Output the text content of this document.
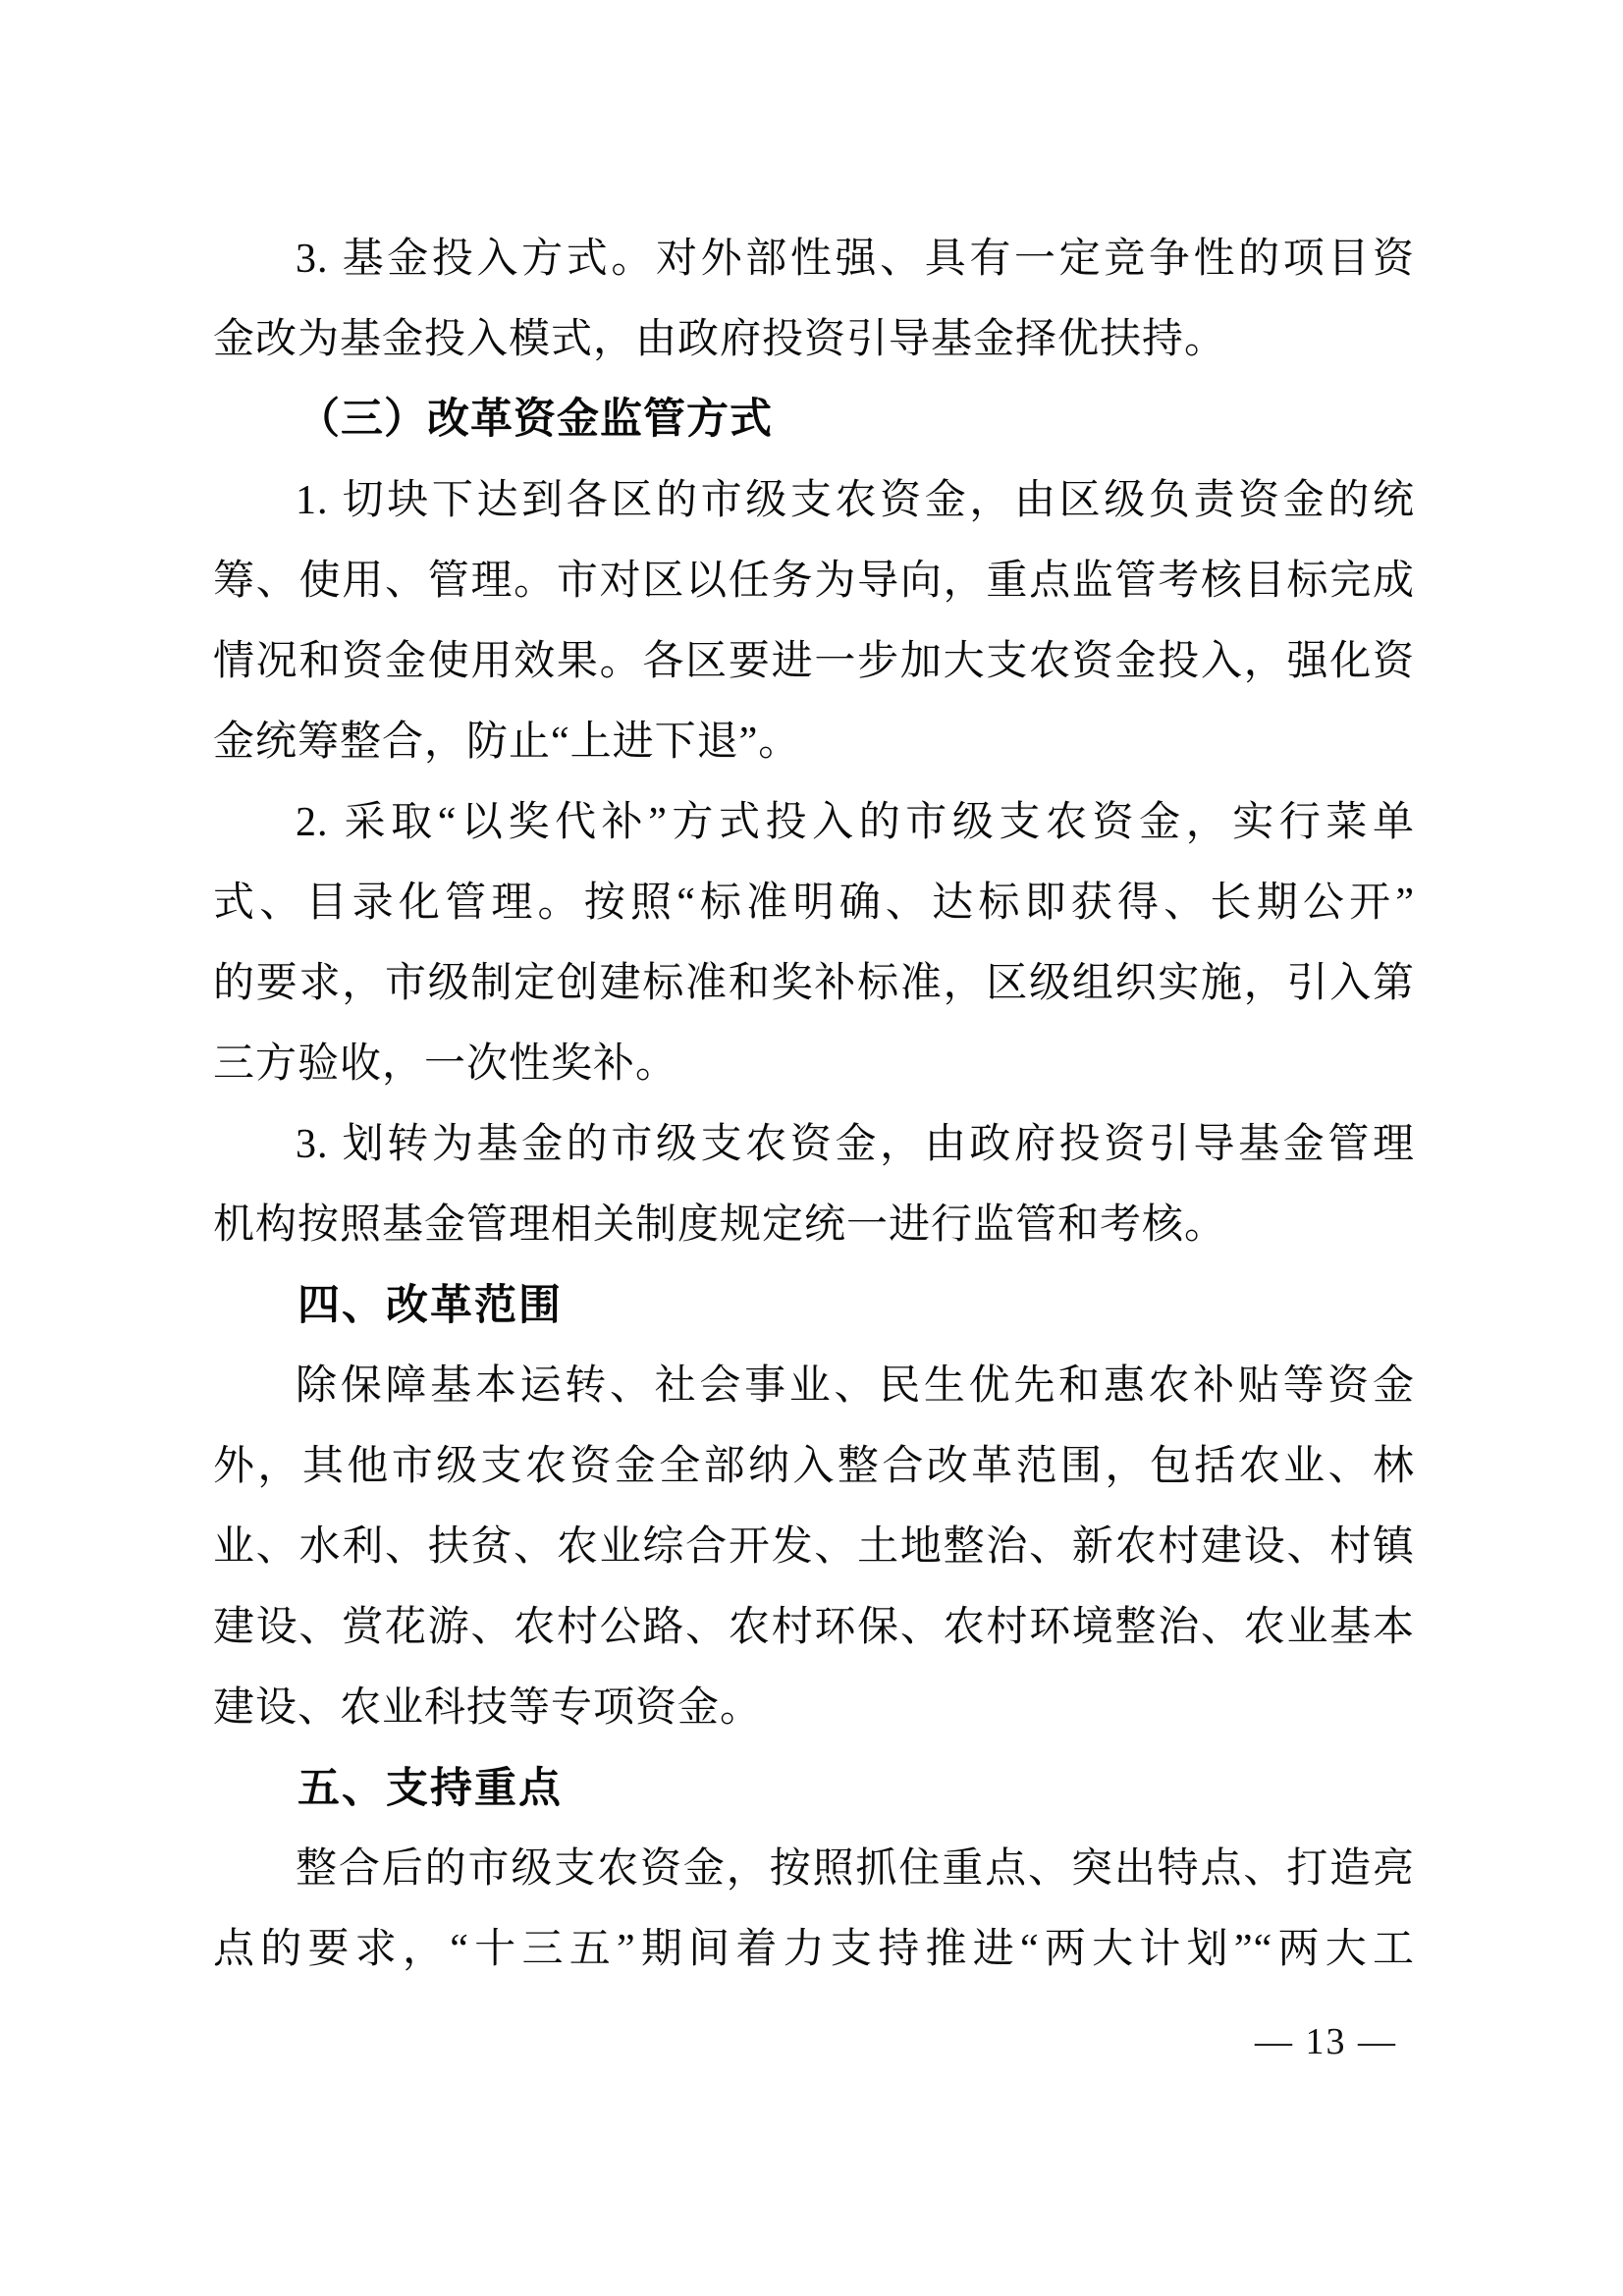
3. 基金投入方式。对外部性强、具有一定竞争性的项目资
金改为基金投入模式，由政府投资引导基金择优扶持。
（三）改革资金监管方式
1. 切块下达到各区的市级支农资金，由区级负责资金的统
筹、使用、管理。市对区以任务为导向，重点监管考核目标完成
情况和资金使用效果。各区要进一步加大支农资金投入，强化资
金统筹整合，防止“上进下退”。
2. 采取“以奖代补”方式投入的市级支农资金，实行菜单
式、目录化管理。按照“标准明确、达标即获得、长期公开”
的要求，市级制定创建标准和奖补标准，区级组织实施，引入第
三方验收，一次性奖补。
3. 划转为基金的市级支农资金，由政府投资引导基金管理
机构按照基金管理相关制度规定统一进行监管和考核。
四、改革范围
除保障基本运转、社会事业、民生优先和惠农补贴等资金
外，其他市级支农资金全部纳入整合改革范围，包括农业、林
业、水利、扶贫、农业综合开发、土地整治、新农村建设、村镇
建设、赏花游、农村公路、农村环保、农村环境整治、农业基本
建设、农业科技等专项资金。
五、支持重点
整合后的市级支农资金，按照抓住重点、突出特点、打造亮
点的要求，“十三五”期间着力支持推进“两大计划”“两大工
— 13 —
